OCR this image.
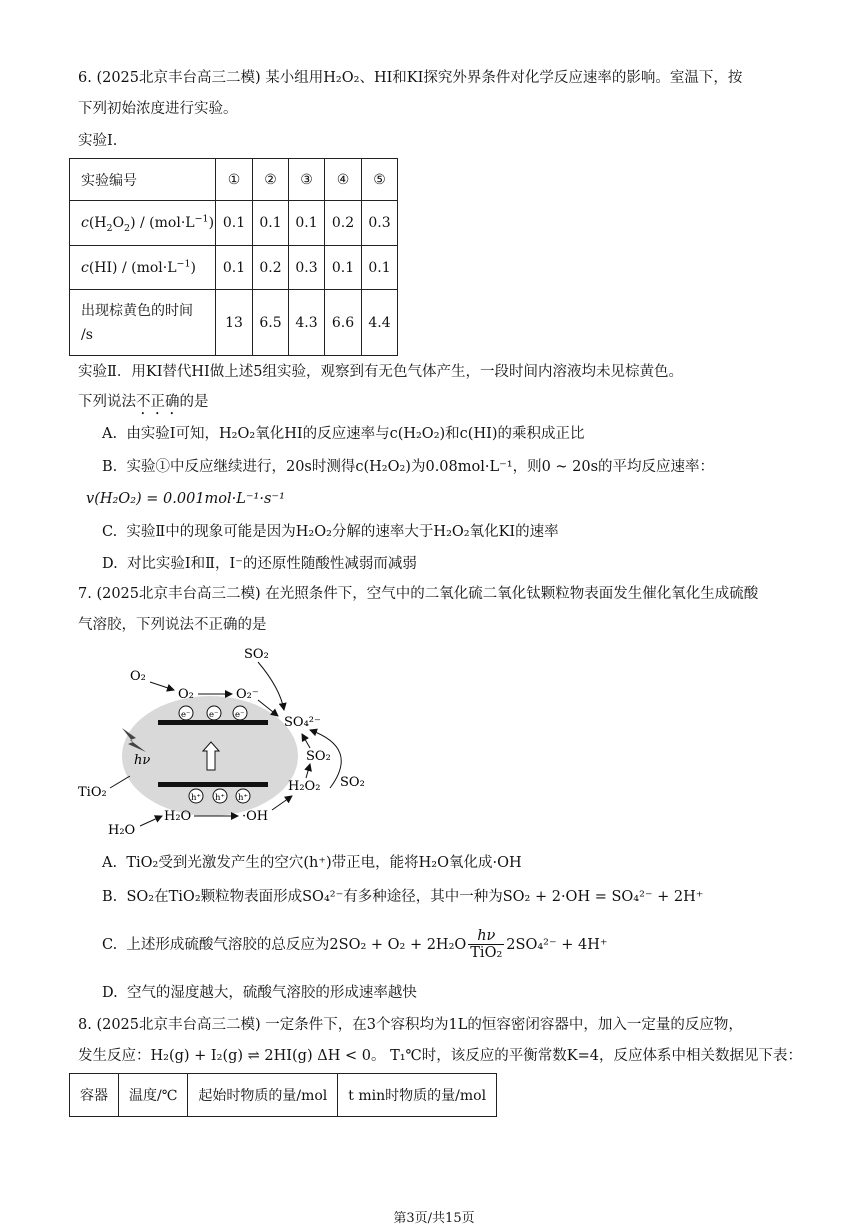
6. (2025北京丰台高三二模) 某小组用H₂O₂、HI和KI探究外界条件对化学反应速率的影响。室温下，按
下列初始浓度进行实验。
实验Ⅰ.
实验编号	①	②	③	④	⑤
$c(H_2O_2) / (mol\cdot L^{-1})$	0.1	0.1	0.1	0.2	0.3
$c(HI) / (mol\cdot L^{-1})$	0.1	0.2	0.3	0.1	0.1
出现棕黄色的时间
/s	13	6.5	4.3	6.6	4.4
实验Ⅱ．用KI替代HI做上述5组实验，观察到有无色气体产生，一段时间内溶液均未见棕黄色。
下列说法不正确的是
A. 由实验Ⅰ可知，H₂O₂氧化HI的反应速率与c(H₂O₂)和c(HI)的乘积成正比
B. 实验①中反应继续进行，20s时测得c(H₂O₂)为0.08mol·L⁻¹，则0 ~ 20s的平均反应速率：
v(H₂O₂) = 0.001mol·L⁻¹·s⁻¹
C. 实验Ⅱ中的现象可能是因为H₂O₂分解的速率大于H₂O₂氧化KI的速率
D. 对比实验Ⅰ和Ⅱ，I⁻的还原性随酸性减弱而减弱
7. (2025北京丰台高三二模) 在光照条件下，空气中的二氧化硫二氧化钛颗粒物表面发生催化氧化生成硫酸
气溶胶，下列说法不正确的是
e⁻ e⁻ e⁻
h⁺ h⁺ h⁺
hν
TiO₂
O₂
O₂	O₂⁻
SO₂
SO₄²⁻
SO₂
SO₂
H₂O₂
H₂O
H₂O	·OH
A. TiO₂受到光激发产生的空穴(h⁺)带正电，能将H₂O氧化成·OH
B. SO₂在TiO₂颗粒物表面形成SO₄²⁻有多种途径，其中一种为SO₂ + 2·OH = SO₄²⁻ + 2H⁺
C.
上述形成硫酸气溶胶的总反应为$2SO_2 + O_2 + 2H_2O \frac{h\nu}{\text{TiO₂}} 2SO_4^{2-} + 4H^+$
D. 空气的湿度越大，硫酸气溶胶的形成速率越快
8. (2025北京丰台高三二模) 一定条件下，在3个容积均为1L的恒容密闭容器中，加入一定量的反应物，
发生反应：H₂(g) + I₂(g) ⇌ 2HI(g) ΔH < 0。 T₁℃时，该反应的平衡常数K=4，反应体系中相关数据见下表：
容器	温度/℃	起始时物质的量/mol	t min时物质的量/mol
第3页/共15页
